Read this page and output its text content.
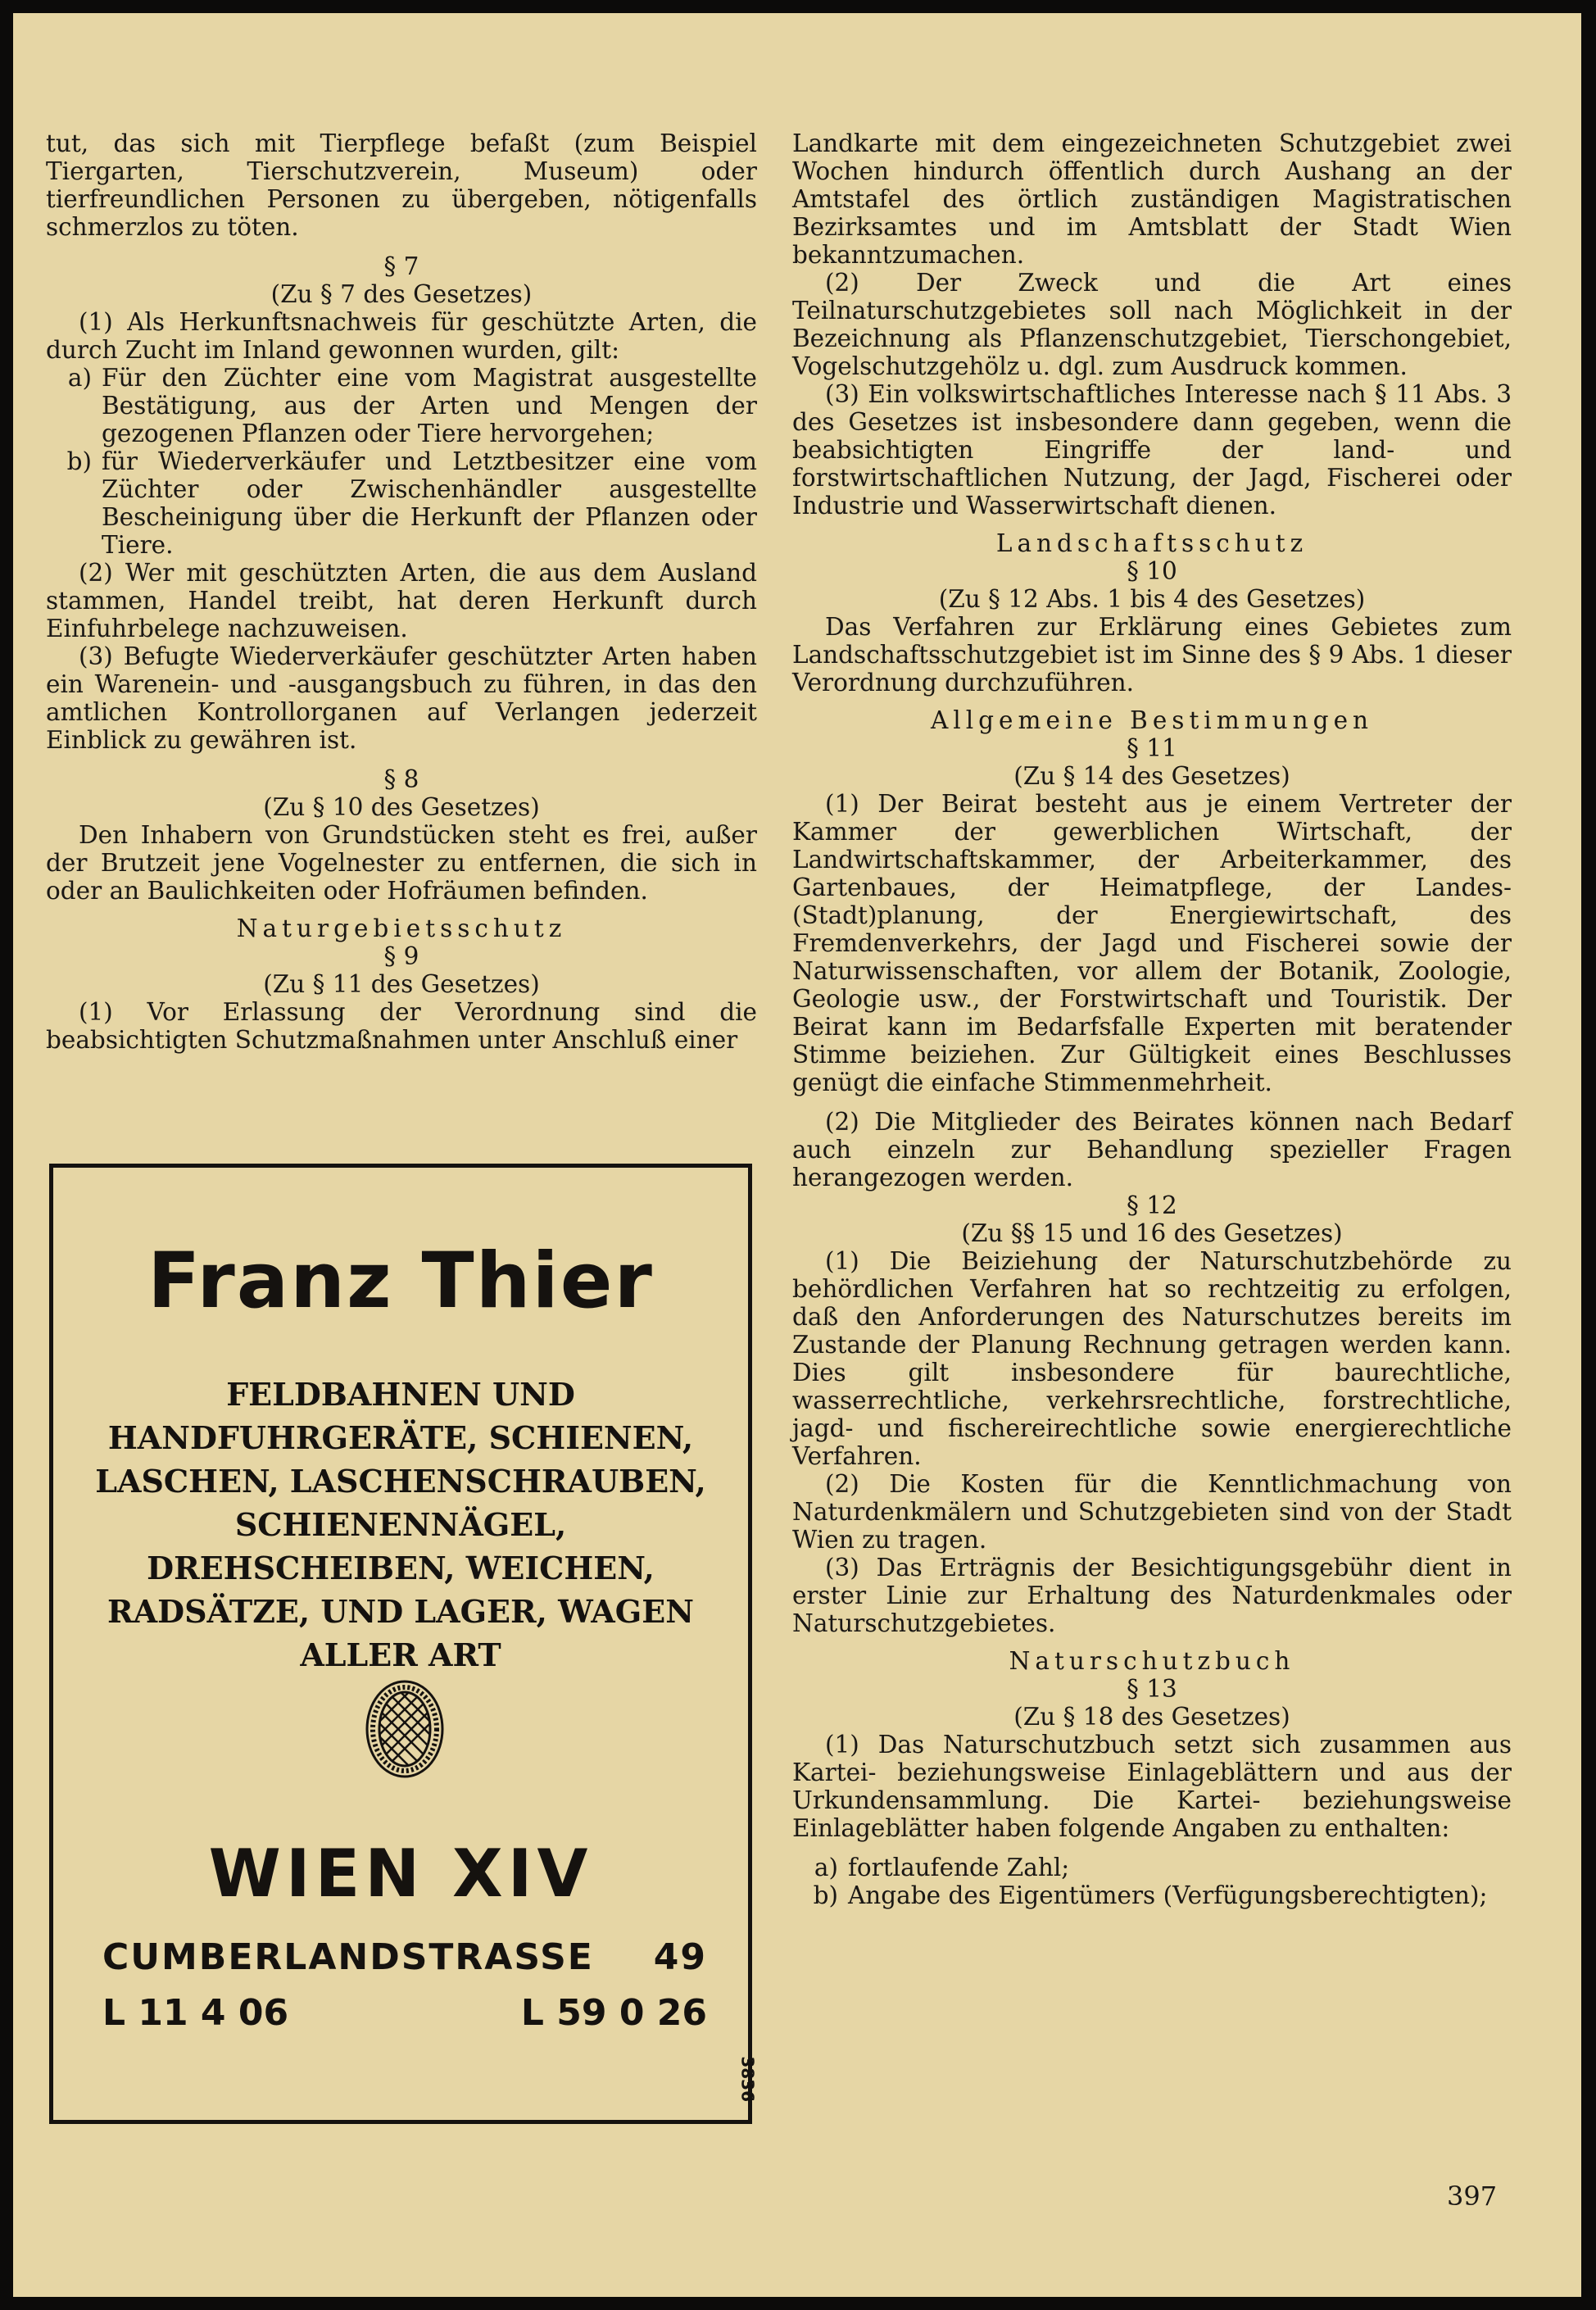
tut, das sich mit Tierpflege befaßt (zum Beispiel Tiergarten, Tierschutzverein, Museum) oder tierfreundlichen Personen zu übergeben, nötigenfalls schmerzlos zu töten.

§ 7
(Zu § 7 des Gesetzes)

(1) Als Herkunftsnachweis für geschützte Arten, die durch Zucht im Inland gewonnen wurden, gilt:

a) Für den Züchter eine vom Magistrat ausgestellte Bestätigung, aus der Arten und Mengen der gezogenen Pflanzen oder Tiere hervorgehen;
b) für Wiederverkäufer und Letztbesitzer eine vom Züchter oder Zwischenhändler ausgestellte Bescheinigung über die Herkunft der Pflanzen oder Tiere.

(2) Wer mit geschützten Arten, die aus dem Ausland stammen, Handel treibt, hat deren Herkunft durch Einfuhrbelege nachzuweisen.

(3) Befugte Wiederverkäufer geschützter Arten haben ein Warenein- und -ausgangsbuch zu führen, in das den amtlichen Kontrollorganen auf Verlangen jederzeit Einblick zu gewähren ist.

§ 8
(Zu § 10 des Gesetzes)

Den Inhabern von Grundstücken steht es frei, außer der Brutzeit jene Vogelnester zu entfernen, die sich in oder an Baulichkeiten oder Hofräumen befinden.

Naturgebietsschutz
§ 9
(Zu § 11 des Gesetzes)

(1) Vor Erlassung der Verordnung sind die beabsichtigten Schutzmaßnahmen unter Anschluß einer

Franz Thier
FELDBAHNEN UND HANDFUHRGERÄTE, SCHIENEN, LASCHEN, LASCHENSCHRAUBEN, SCHIENENNÄGEL, DREHSCHEIBEN, WEICHEN, RADSÄTZE, UND LAGER, WAGEN ALLER ART
WIEN XIV
CUMBERLANDSTRASSE 49
L 11 4 06	L 59 0 26
3836

Landkarte mit dem eingezeichneten Schutzgebiet zwei Wochen hindurch öffentlich durch Aushang an der Amtstafel des örtlich zuständigen Magistratischen Bezirksamtes und im Amtsblatt der Stadt Wien bekanntzumachen.

(2) Der Zweck und die Art eines Teilnaturschutzgebietes soll nach Möglichkeit in der Bezeichnung als Pflanzenschutzgebiet, Tierschongebiet, Vogelschutzgehölz u. dgl. zum Ausdruck kommen.

(3) Ein volkswirtschaftliches Interesse nach § 11 Abs. 3 des Gesetzes ist insbesondere dann gegeben, wenn die beabsichtigten Eingriffe der land- und forstwirtschaftlichen Nutzung, der Jagd, Fischerei oder Industrie und Wasserwirtschaft dienen.

Landschaftsschutz
§ 10
(Zu § 12 Abs. 1 bis 4 des Gesetzes)

Das Verfahren zur Erklärung eines Gebietes zum Landschaftsschutzgebiet ist im Sinne des § 9 Abs. 1 dieser Verordnung durchzuführen.

Allgemeine Bestimmungen
§ 11
(Zu § 14 des Gesetzes)

(1) Der Beirat besteht aus je einem Vertreter der Kammer der gewerblichen Wirtschaft, der Landwirtschaftskammer, der Arbeiterkammer, des Gartenbaues, der Heimatpflege, der Landes-(Stadt)planung, der Energiewirtschaft, des Fremdenverkehrs, der Jagd und Fischerei sowie der Naturwissenschaften, vor allem der Botanik, Zoologie, Geologie usw., der Forstwirtschaft und Touristik. Der Beirat kann im Bedarfsfalle Experten mit beratender Stimme beiziehen. Zur Gültigkeit eines Beschlusses genügt die einfache Stimmenmehrheit.

(2) Die Mitglieder des Beirates können nach Bedarf auch einzeln zur Behandlung spezieller Fragen herangezogen werden.

§ 12
(Zu §§ 15 und 16 des Gesetzes)

(1) Die Beiziehung der Naturschutzbehörde zu behördlichen Verfahren hat so rechtzeitig zu erfolgen, daß den Anforderungen des Naturschutzes bereits im Zustande der Planung Rechnung getragen werden kann. Dies gilt insbesondere für baurechtliche, wasserrechtliche, verkehrsrechtliche, forstrechtliche, jagd- und fischereirechtliche sowie energierechtliche Verfahren.

(2) Die Kosten für die Kenntlichmachung von Naturdenkmälern und Schutzgebieten sind von der Stadt Wien zu tragen.

(3) Das Erträgnis der Besichtigungsgebühr dient in erster Linie zur Erhaltung des Naturdenkmales oder Naturschutzgebietes.

Naturschutzbuch
§ 13
(Zu § 18 des Gesetzes)

(1) Das Naturschutzbuch setzt sich zusammen aus Kartei- beziehungsweise Einlageblättern und aus der Urkundensammlung. Die Kartei- beziehungsweise Einlageblätter haben folgende Angaben zu enthalten:

a) fortlaufende Zahl;
b) Angabe des Eigentümers (Verfügungsberechtigten);
397
